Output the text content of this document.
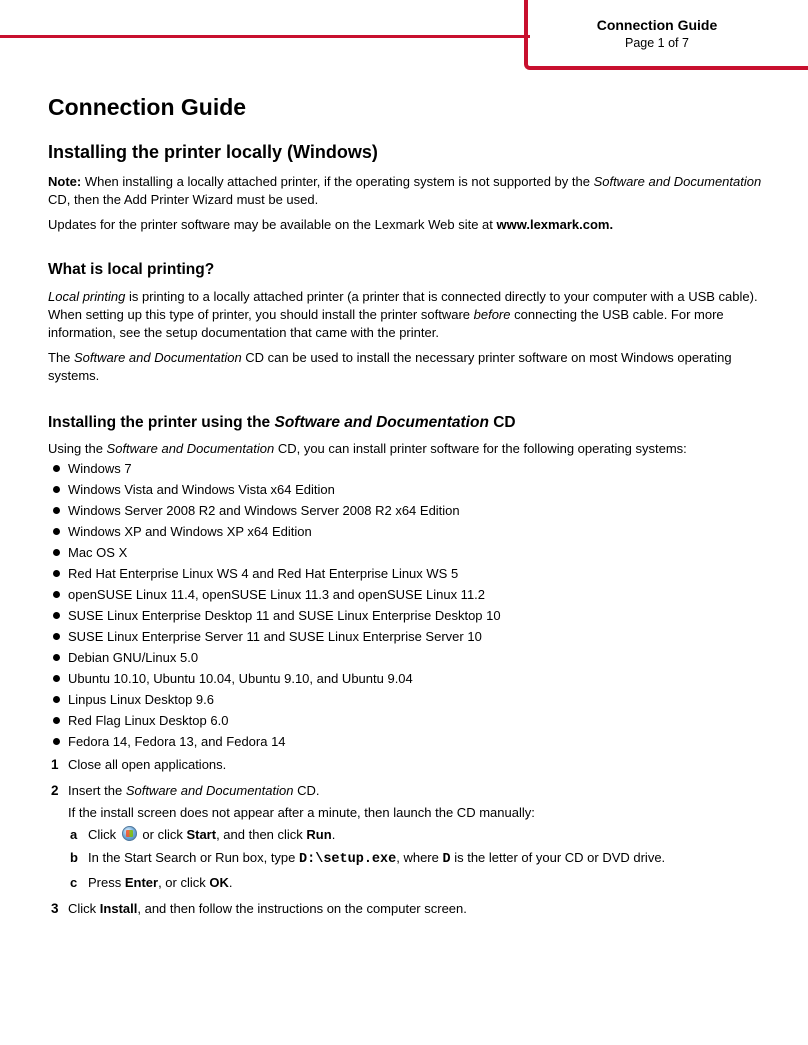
Connection Guide
Page 1 of 7
Connection Guide
Installing the printer locally (Windows)

Note: When installing a locally attached printer, if the operating system is not supported by the Software and Documentation CD, then the Add Printer Wizard must be used.

Updates for the printer software may be available on the Lexmark Web site at www.lexmark.com.

What is local printing?

Local printing is printing to a locally attached printer (a printer that is connected directly to your computer with a USB cable). When setting up this type of printer, you should install the printer software before connecting the USB cable. For more information, see the setup documentation that came with the printer.

The Software and Documentation CD can be used to install the necessary printer software on most Windows operating systems.

Installing the printer using the Software and Documentation CD

Using the Software and Documentation CD, you can install printer software for the following operating systems:

Windows 7
Windows Vista and Windows Vista x64 Edition
Windows Server 2008 R2 and Windows Server 2008 R2 x64 Edition
Windows XP and Windows XP x64 Edition
Mac OS X
Red Hat Enterprise Linux WS 4 and Red Hat Enterprise Linux WS 5
openSUSE Linux 11.4, openSUSE Linux 11.3 and openSUSE Linux 11.2
SUSE Linux Enterprise Desktop 11 and SUSE Linux Enterprise Desktop 10
SUSE Linux Enterprise Server 11 and SUSE Linux Enterprise Server 10
Debian GNU/Linux 5.0
Ubuntu 10.10, Ubuntu 10.04, Ubuntu 9.10, and Ubuntu 9.04
Linpus Linux Desktop 9.6
Red Flag Linux Desktop 6.0
Fedora 14, Fedora 13, and Fedora 14
1 Close all open applications.
2 Insert the Software and Documentation CD.
If the install screen does not appear after a minute, then launch the CD manually:
a Click  or click Start, and then click Run.
b In the Start Search or Run box, type D:\setup.exe, where D is the letter of your CD or DVD drive.
c Press Enter, or click OK.
3 Click Install, and then follow the instructions on the computer screen.
